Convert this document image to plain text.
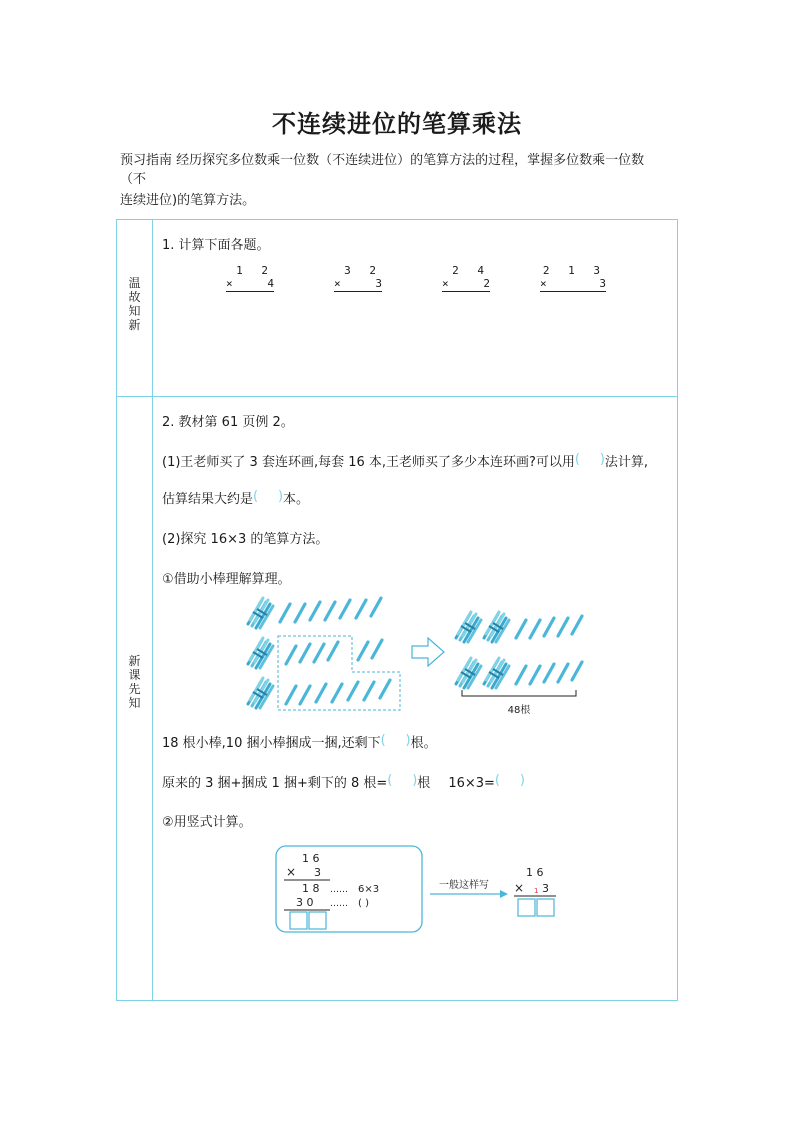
不连续进位的笔算乘法
预习指南 经历探究多位数乘一位数（不连续进位）的笔算方法的过程，掌握多位数乘一位数（不
连续进位)的笔算方法。
温
故
知
新
1. 计算下面各题。
1 2
×	4
3 2
×	3
2 4
×	2
2 1 3
×	3
新
课
先
知
2. 教材第 61 页例 2。
(1)王老师买了 3 套连环画,每套 16 本,王老师买了多少本连环画?可以用 ( ) 法计算,
估算结果大约是 ( ) 本。
(2)探究 16×3 的笔算方法。
①借助小棒理解算理。
48根
18 根小棒,10 捆小棒捆成一捆,还剩下 ( ) 根。
原来的 3 捆+捆成 1 捆+剩下的 8 根= ( ) 根 16×3=( )
②用竖式计算。
1 6
× 3
1 8 …… 6×3
3 0 …… ( )
一般这样写
1 6
× 1 3
